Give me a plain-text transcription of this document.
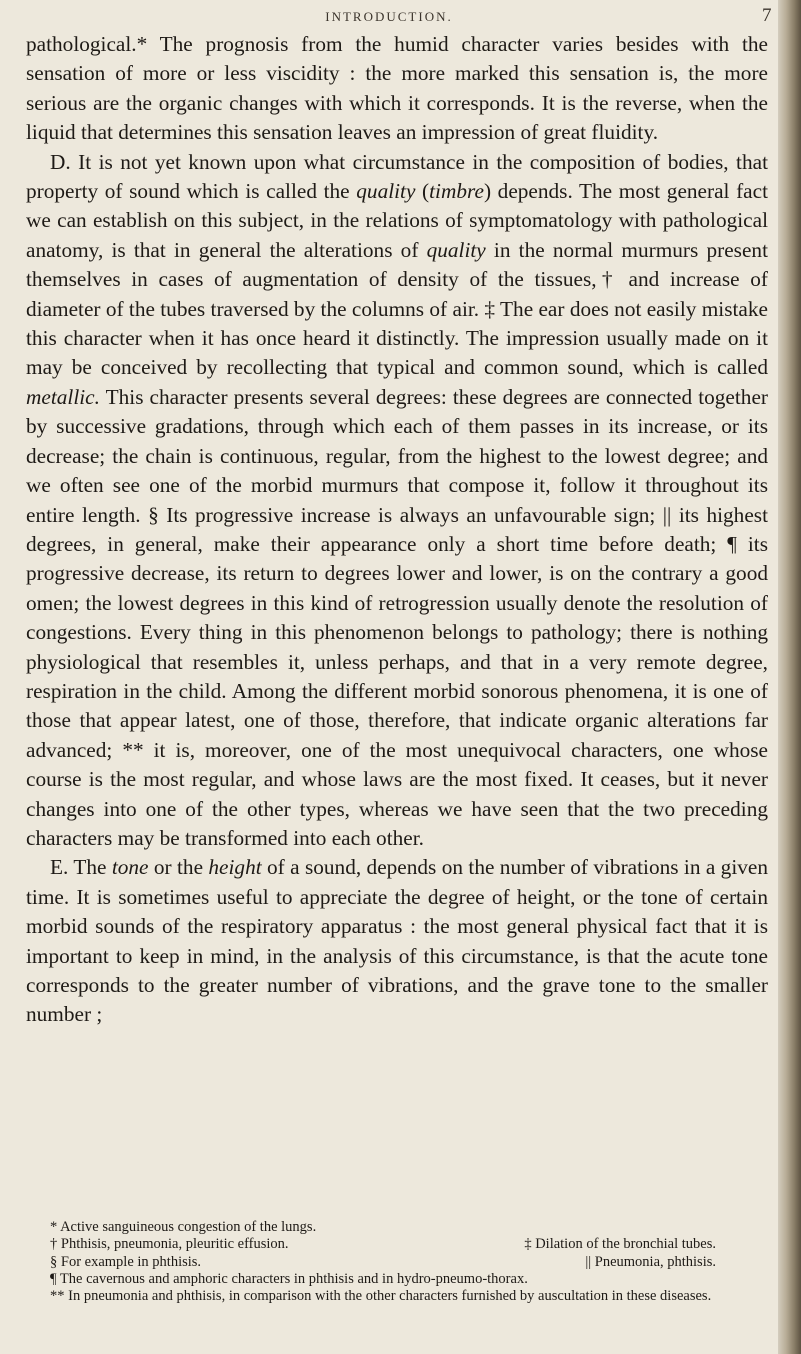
INTRODUCTION.	7

pathological.* The prognosis from the humid character varies besides with the sensation of more or less viscidity : the more marked this sensation is, the more serious are the organic changes with which it corresponds. It is the reverse, when the liquid that determines this sensation leaves an impression of great fluidity.

D. It is not yet known upon what circumstance in the composition of bodies, that property of sound which is called the quality (timbre) depends. The most general fact we can establish on this subject, in the relations of symptomatology with pathological anatomy, is that in general the alterations of quality in the normal murmurs present themselves in cases of augmentation of density of the tissues,† and increase of diameter of the tubes traversed by the columns of air. ‡ The ear does not easily mistake this character when it has once heard it distinctly. The impression usually made on it may be conceived by recollecting that typical and common sound, which is called metallic. This character presents several degrees: these degrees are connected together by successive gradations, through which each of them passes in its increase, or its decrease; the chain is continuous, regular, from the highest to the lowest degree; and we often see one of the morbid murmurs that compose it, follow it throughout its entire length. § Its progressive increase is always an unfavourable sign; || its highest degrees, in general, make their appearance only a short time before death; ¶ its progressive decrease, its return to degrees lower and lower, is on the contrary a good omen; the lowest degrees in this kind of retrogression usually denote the resolution of congestions. Every thing in this phenomenon belongs to pathology; there is nothing physiological that resembles it, unless perhaps, and that in a very remote degree, respiration in the child. Among the different morbid sonorous phenomena, it is one of those that appear latest, one of those, therefore, that indicate organic alterations far advanced; ** it is, moreover, one of the most unequivocal characters, one whose course is the most regular, and whose laws are the most fixed. It ceases, but it never changes into one of the other types, whereas we have seen that the two preceding characters may be transformed into each other.

E. The tone or the height of a sound, depends on the number of vibrations in a given time. It is sometimes useful to appreciate the degree of height, or the tone of certain morbid sounds of the respiratory apparatus : the most general physical fact that it is important to keep in mind, in the analysis of this circumstance, is that the acute tone corresponds to the greater number of vibrations, and the grave tone to the smaller number ;

* Active sanguineous congestion of the lungs.

† Phthisis, pneumonia, pleuritic effusion.	‡ Dilation of the bronchial tubes.
§ For example in phthisis.	|| Pneumonia, phthisis.

¶ The cavernous and amphoric characters in phthisis and in hydro-pneumo-thorax.

** In pneumonia and phthisis, in comparison with the other characters furnished by auscultation in these diseases.
